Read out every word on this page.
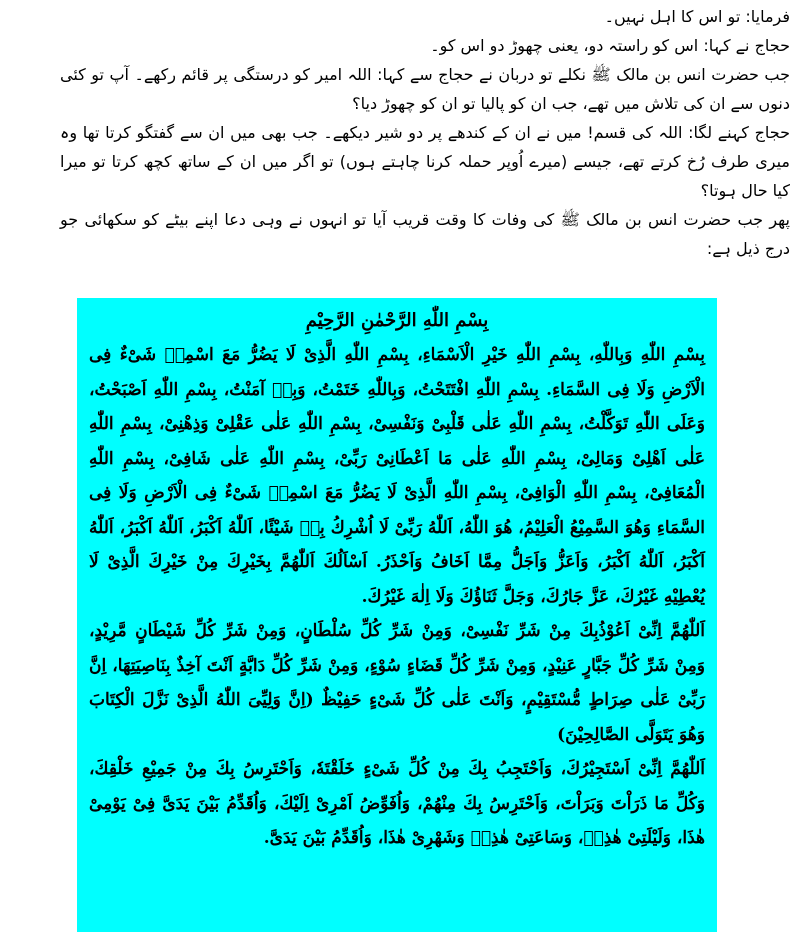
فرمایا: تو اس کا اہل نہیں۔

حجاج نے کہا: اس کو راستہ دو، یعنی چھوڑ دو اس کو۔

جب حضرت انس بن مالک ﷺ نکلے تو دربان نے حجاج سے کہا: اللہ امیر کو درستگی پر قائم رکھے۔ آپ تو کئی دنوں سے ان کی تلاش میں تھے، جب ان کو پالیا تو ان کو چھوڑ دیا؟

حجاج کہنے لگا: اللہ کی قسم! میں نے ان کے کندھے پر دو شیر دیکھے۔ جب بھی میں ان سے گفتگو کرتا تھا وہ میری طرف رُخ کرتے تھے، جیسے (میرے اُوپر حملہ کرنا چاہتے ہوں) تو اگر میں ان کے ساتھ کچھ کرتا تو میرا کیا حال ہوتا؟

پھر جب حضرت انس بن مالک ﷺ کی وفات کا وقت قریب آیا تو انہوں نے وہی دعا اپنے بیٹے کو سکھائی جو درج ذیل ہے:

بِسْمِ اللّٰهِ الرَّحْمٰنِ الرَّحِيْمِ

بِسْمِ اللّٰهِ وَبِاللّٰهِ، بِسْمِ اللّٰهِ خَيْرِ الْاَسْمَاءِ، بِسْمِ اللّٰهِ الَّذِىْ لَا يَضُرُّ مَعَ اسْمِهٖ شَىْءٌ فِى الْاَرْضِ وَلَا فِى السَّمَاءِ. بِسْمِ اللّٰهِ افْتَتَحْتُ، وَبِاللّٰهِ خَتَمْتُ، وَبِهٖ آمَنْتُ، بِسْمِ اللّٰهِ اَصْبَحْتُ، وَعَلَى اللّٰهِ تَوَكَّلْتُ، بِسْمِ اللّٰهِ عَلٰى قَلْبِىْ وَنَفْسِىْ، بِسْمِ اللّٰهِ عَلٰى عَقْلِىْ وَذِهْنِىْ، بِسْمِ اللّٰهِ عَلٰى اَهْلِىْ وَمَالِىْ، بِسْمِ اللّٰهِ عَلٰى مَا اَعْطَانِىْ رَبِّىْ، بِسْمِ اللّٰهِ عَلٰى شَافِىْ، بِسْمِ اللّٰهِ الْمُعَافِىْ، بِسْمِ اللّٰهِ الْوَافِىْ، بِسْمِ اللّٰهِ الَّذِىْ لَا يَضُرُّ مَعَ اسْمِهٖ شَىْءٌ فِى الْاَرْضِ وَلَا فِى السَّمَاءِ وَهُوَ السَّمِيْعُ الْعَلِيْمُ، هُوَ اللّٰهُ، اَللّٰهُ رَبِّىْ لَا اُشْرِكُ بِهٖ شَيْئًا، اَللّٰهُ اَكْبَرُ، اَللّٰهُ اَكْبَرُ، اَللّٰهُ اَكْبَرُ، اَللّٰهُ اَكْبَرُ، وَاَعَزُّ وَاَجَلُّ مِمَّا اَخَافُ وَاَحْذَرُ. اَسْاَلُكَ اَللّٰهُمَّ بِخَيْرِكَ مِنْ خَيْرِكَ الَّذِىْ لَا يُعْطِيْهِ غَيْرُكَ، عَزَّ جَارُكَ، وَجَلَّ ثَنَاؤُكَ وَلَا اِلٰهَ غَيْرُكَ.

اَللّٰهُمَّ اِنِّىْ اَعُوْذُبِكَ مِنْ شَرِّ نَفْسِىْ، وَمِنْ شَرِّ كُلِّ سُلْطَانٍ، وَمِنْ شَرِّ كُلِّ شَيْطَانٍ مَّرِيْدٍ، وَمِنْ شَرِّ كُلِّ جَبَّارٍ عَنِيْدٍ، وَمِنْ شَرِّ كُلِّ قَضَاءٍ سُوْءٍ، وَمِنْ شَرِّ كُلِّ دَابَّةٍ اَنْتَ آخِذٌ بِنَاصِيَتِهَا، اِنَّ رَبِّىْ عَلٰى صِرَاطٍ مُّسْتَقِيْمٍ، وَاَنْتَ عَلٰى كُلِّ شَىْءٍ حَفِيْظٌ (اِنَّ وَلِيِّىَ اللّٰهُ الَّذِىْ نَزَّلَ الْكِتَابَ وَهُوَ يَتَوَلَّى الصَّالِحِيْنَ)

اَللّٰهُمَّ اِنِّىْ اَسْتَجِيْرُكَ، وَاَحْتَجِبُ بِكَ مِنْ كُلِّ شَىْءٍ خَلَقْتَهٗ، وَاَحْتَرِسُ بِكَ مِنْ جَمِيْعِ خَلْقِكَ، وَكُلِّ مَا ذَرَاْتَ وَبَرَاْتَ، وَاَحْتَرِسُ بِكَ مِنْهُمْ، وَاُفَوِّضُ اَمْرِىْ اِلَيْكَ، وَاُقَدِّمُ بَيْنَ يَدَىَّ فِىْ يَوْمِىْ هٰذَا، وَلَيْلَتِىْ هٰذِهٖ، وَسَاعَتِىْ هٰذِهٖ وَشَهْرِىْ هٰذَا، وَاُقَدِّمُ بَيْنَ يَدَىَّ.
